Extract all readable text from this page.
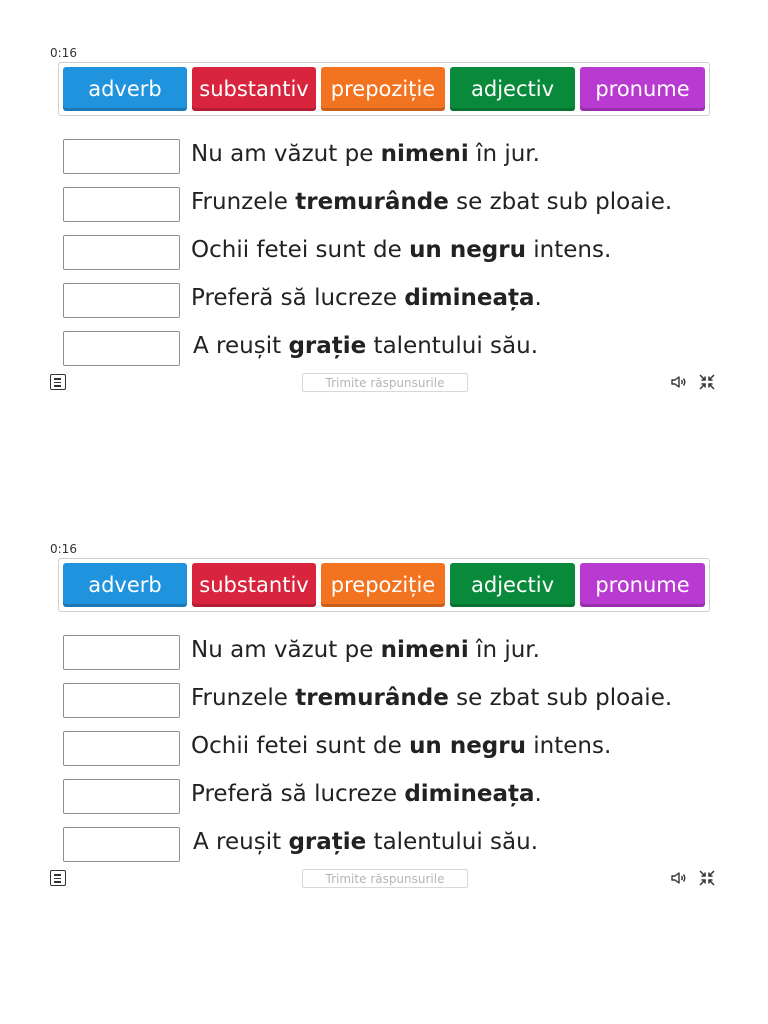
0:16
adverb	substantiv	prepoziție	adjectiv	pronume
Nu am văzut pe nimeni în jur.
Frunzele tremurânde se zbat sub ploaie.
Ochii fetei sunt de un negru intens.
Preferă să lucreze dimineața.
A reușit grație talentului său.
Trimite răspunsurile
0:16
adverb	substantiv	prepoziție	adjectiv	pronume
Nu am văzut pe nimeni în jur.
Frunzele tremurânde se zbat sub ploaie.
Ochii fetei sunt de un negru intens.
Preferă să lucreze dimineața.
A reușit grație talentului său.
Trimite răspunsurile
